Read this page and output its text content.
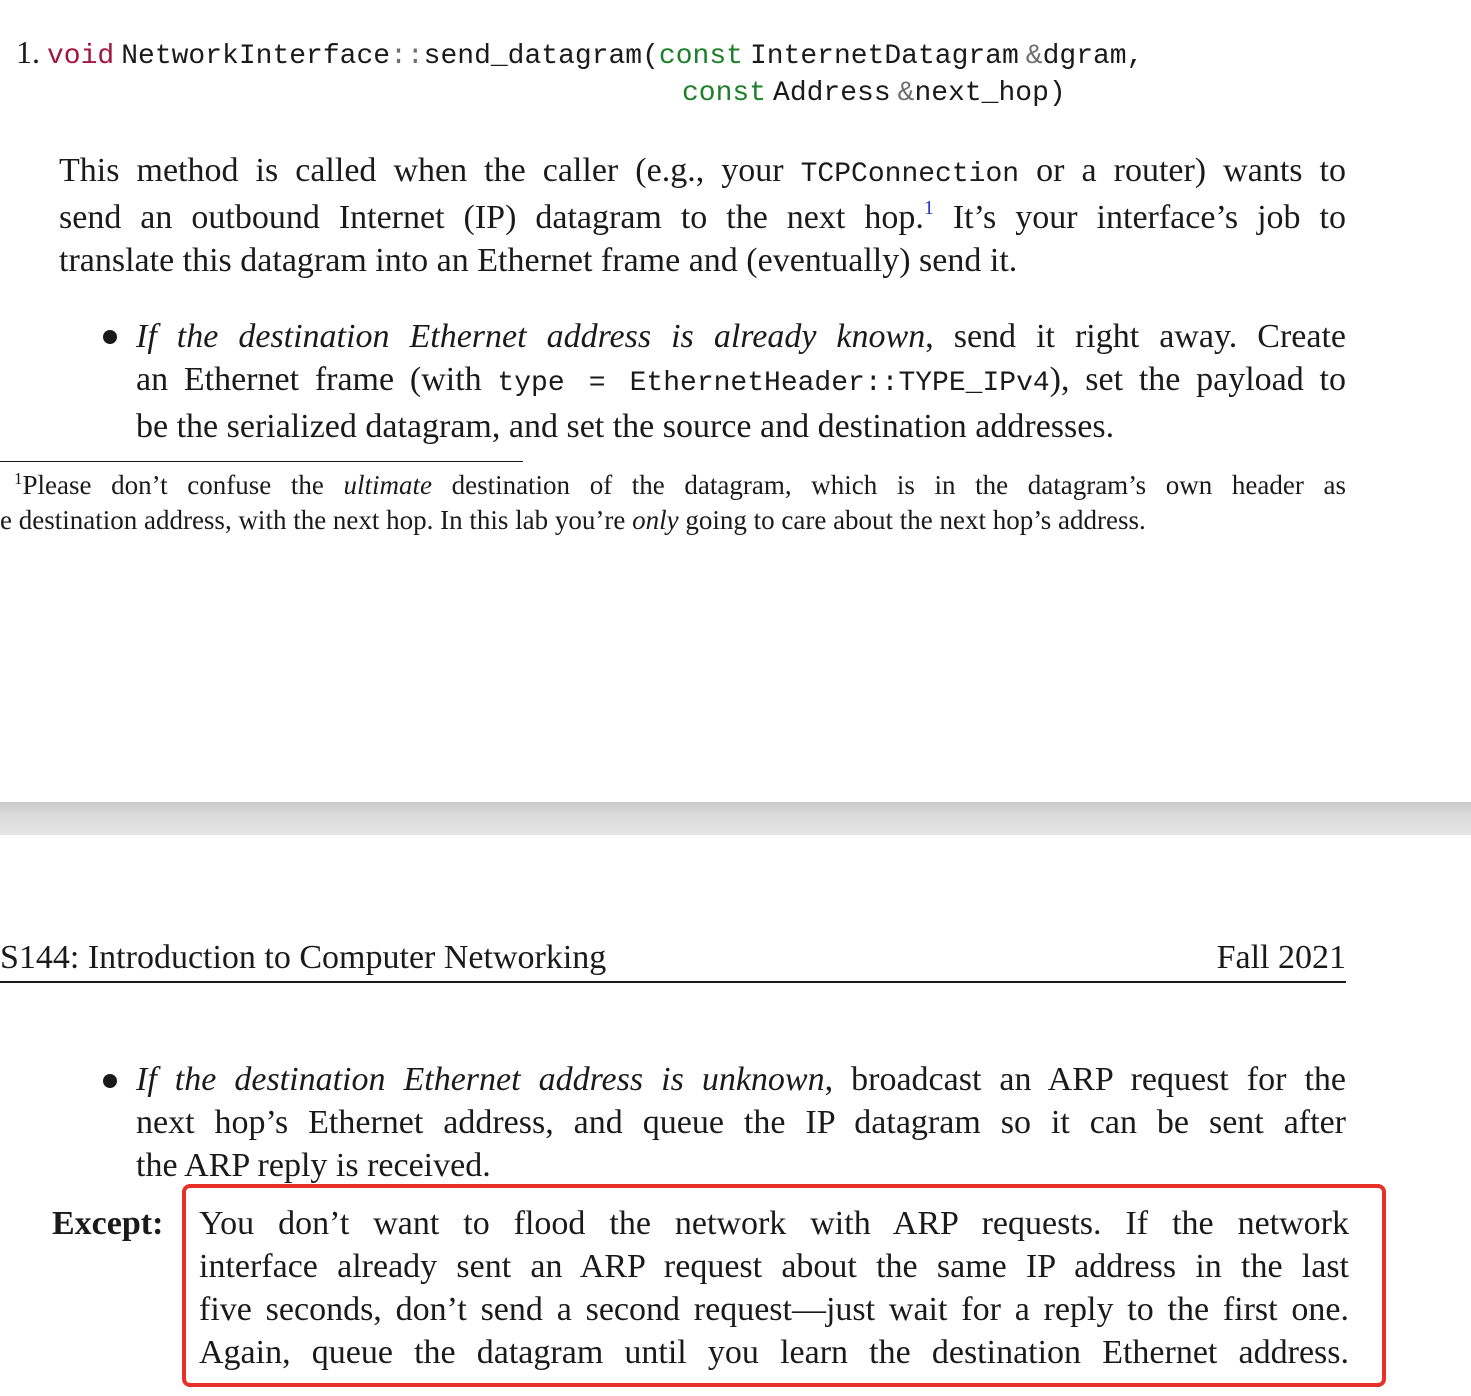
1. void NetworkInterface::send_datagram(const InternetDatagram &dgram,
const Address &next_hop)
This method is called when the caller (e.g., your TCPConnection or a router) wants to
send an outbound Internet (IP) datagram to the next hop.$^1$ It’s your interface’s job to
translate this datagram into an Ethernet frame and (eventually) send it.
If the destination Ethernet address is already known, send it right away. Create
an Ethernet frame (with type = EthernetHeader::TYPE_IPv4), set the payload to
be the serialized datagram, and set the source and destination addresses.
$^1$Please don’t confuse the ultimate destination of the datagram, which is in the datagram’s own header as
e destination address, with the next hop. In this lab you’re only going to care about the next hop’s address.
S144: Introduction to Computer Networking	Fall 2021
If the destination Ethernet address is unknown, broadcast an ARP request for the
next hop’s Ethernet address, and queue the IP datagram so it can be sent after
the ARP reply is received.
Except: You don’t want to flood the network with ARP requests. If the network
interface already sent an ARP request about the same IP address in the last
five seconds, don’t send a second request—just wait for a reply to the first one.
Again, queue the datagram until you learn the destination Ethernet address.
